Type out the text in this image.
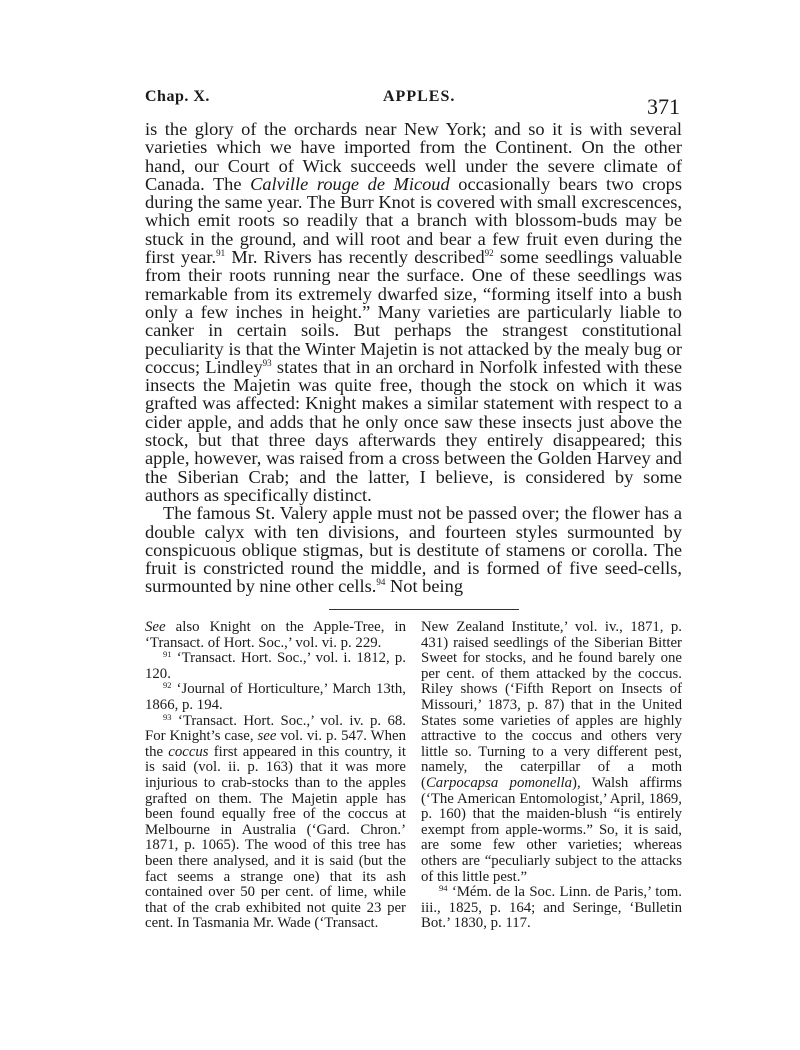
Chap. X.	APPLES.	371

is the glory of the orchards near New York; and so it is with several varieties which we have imported from the Continent. On the other hand, our Court of Wick succeeds well under the severe climate of Canada. The Calville rouge de Micoud occasionally bears two crops during the same year. The Burr Knot is covered with small excrescences, which emit roots so readily that a branch with blossom-buds may be stuck in the ground, and will root and bear a few fruit even during the first year.$^{91}$ Mr. Rivers has recently described$^{92}$ some seedlings valuable from their roots running near the surface. One of these seedlings was remarkable from its extremely dwarfed size, “forming itself into a bush only a few inches in height.” Many varieties are particularly liable to canker in certain soils. But perhaps the strangest constitutional peculiarity is that the Winter Majetin is not attacked by the mealy bug or coccus; Lindley$^{93}$ states that in an orchard in Norfolk infested with these insects the Majetin was quite free, though the stock on which it was grafted was affected: Knight makes a similar statement with respect to a cider apple, and adds that he only once saw these insects just above the stock, but that three days afterwards they entirely disappeared; this apple, however, was raised from a cross between the Golden Harvey and the Siberian Crab; and the latter, I believe, is considered by some authors as specifically distinct.

The famous St. Valery apple must not be passed over; the flower has a double calyx with ten divisions, and fourteen styles surmounted by conspicuous oblique stigmas, but is destitute of stamens or corolla. The fruit is constricted round the middle, and is formed of five seed-cells, surmounted by nine other cells.$^{94}$ Not being

See also Knight on the Apple-Tree, in ‘Transact. of Hort. Soc.,’ vol. vi. p. 229.

$^{91}$ ‘Transact. Hort. Soc.,’ vol. i. 1812, p. 120.

$^{92}$ ‘Journal of Horticulture,’ March 13th, 1866, p. 194.

$^{93}$ ‘Transact. Hort. Soc.,’ vol. iv. p. 68. For Knight’s case, see vol. vi. p. 547. When the coccus first appeared in this country, it is said (vol. ii. p. 163) that it was more injurious to crab-stocks than to the apples grafted on them. The Majetin apple has been found equally free of the coccus at Melbourne in Australia (‘Gard. Chron.’ 1871, p. 1065). The wood of this tree has been there analysed, and it is said (but the fact seems a strange one) that its ash contained over 50 per cent. of lime, while that of the crab exhibited not quite 23 per cent. In Tasmania Mr. Wade (‘Transact.

New Zealand Institute,’ vol. iv., 1871, p. 431) raised seedlings of the Siberian Bitter Sweet for stocks, and he found barely one per cent. of them attacked by the coccus. Riley shows (‘Fifth Report on Insects of Missouri,’ 1873, p. 87) that in the United States some varieties of apples are highly attractive to the coccus and others very little so. Turning to a very different pest, namely, the caterpillar of a moth (Carpocapsa pomonella), Walsh affirms (‘The American Entomologist,’ April, 1869, p. 160) that the maiden-blush “is entirely exempt from apple-worms.” So, it is said, are some few other varieties; whereas others are “peculiarly subject to the attacks of this little pest.”

$^{94}$ ‘Mém. de la Soc. Linn. de Paris,’ tom. iii., 1825, p. 164; and Seringe, ‘Bulletin Bot.’ 1830, p. 117.
